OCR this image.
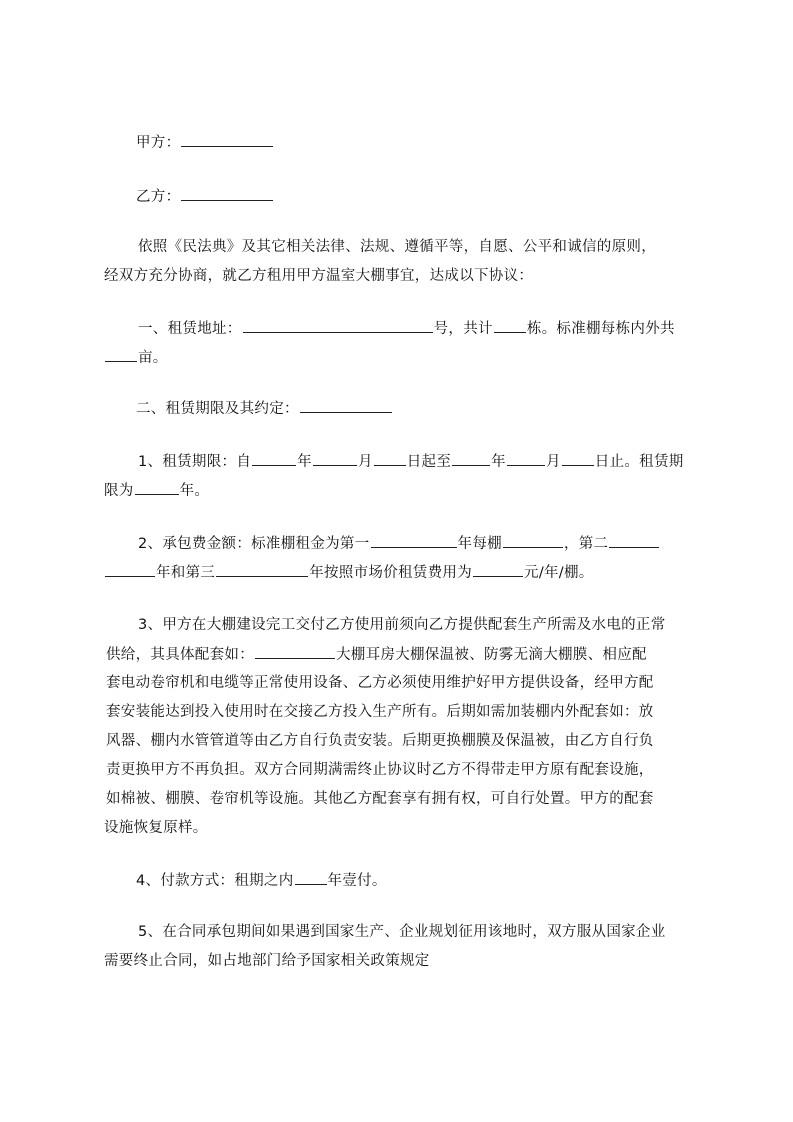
甲方：
乙方：
依照《民法典》及其它相关法律、法规、遵循平等，自愿、公平和诚信的原则，
经双方充分协商，就乙方租用甲方温室大棚事宜，达成以下协议：
一、租赁地址：	号，共计 栋。标准棚每栋内外共
亩。
二、租赁期限及其约定：
1、租赁期限：自	年	月 日起至	年	月 日止。租赁期
限为	年。
2、承包费金额：标准棚租金为第一	年每棚	，第二
年和第三	年按照市场价租赁费用为	元/年/棚。
3、甲方在大棚建设完工交付乙方使用前须向乙方提供配套生产所需及水电的正常
供给，其具体配套如：	大棚耳房大棚保温被、防雾无滴大棚膜、相应配
套电动卷帘机和电缆等正常使用设备、乙方必须使用维护好甲方提供设备，经甲方配
套安装能达到投入使用时在交接乙方投入生产所有。后期如需加装棚内外配套如：放
风器、棚内水管管道等由乙方自行负责安装。后期更换棚膜及保温被，由乙方自行负
责更换甲方不再负担。双方合同期满需终止协议时乙方不得带走甲方原有配套设施，
如棉被、棚膜、卷帘机等设施。其他乙方配套享有拥有权，可自行处置。甲方的配套
设施恢复原样。
4、付款方式：租期之内 年壹付。
5、在合同承包期间如果遇到国家生产、企业规划征用该地时，双方服从国家企业
需要终止合同，如占地部门给予国家相关政策规定
